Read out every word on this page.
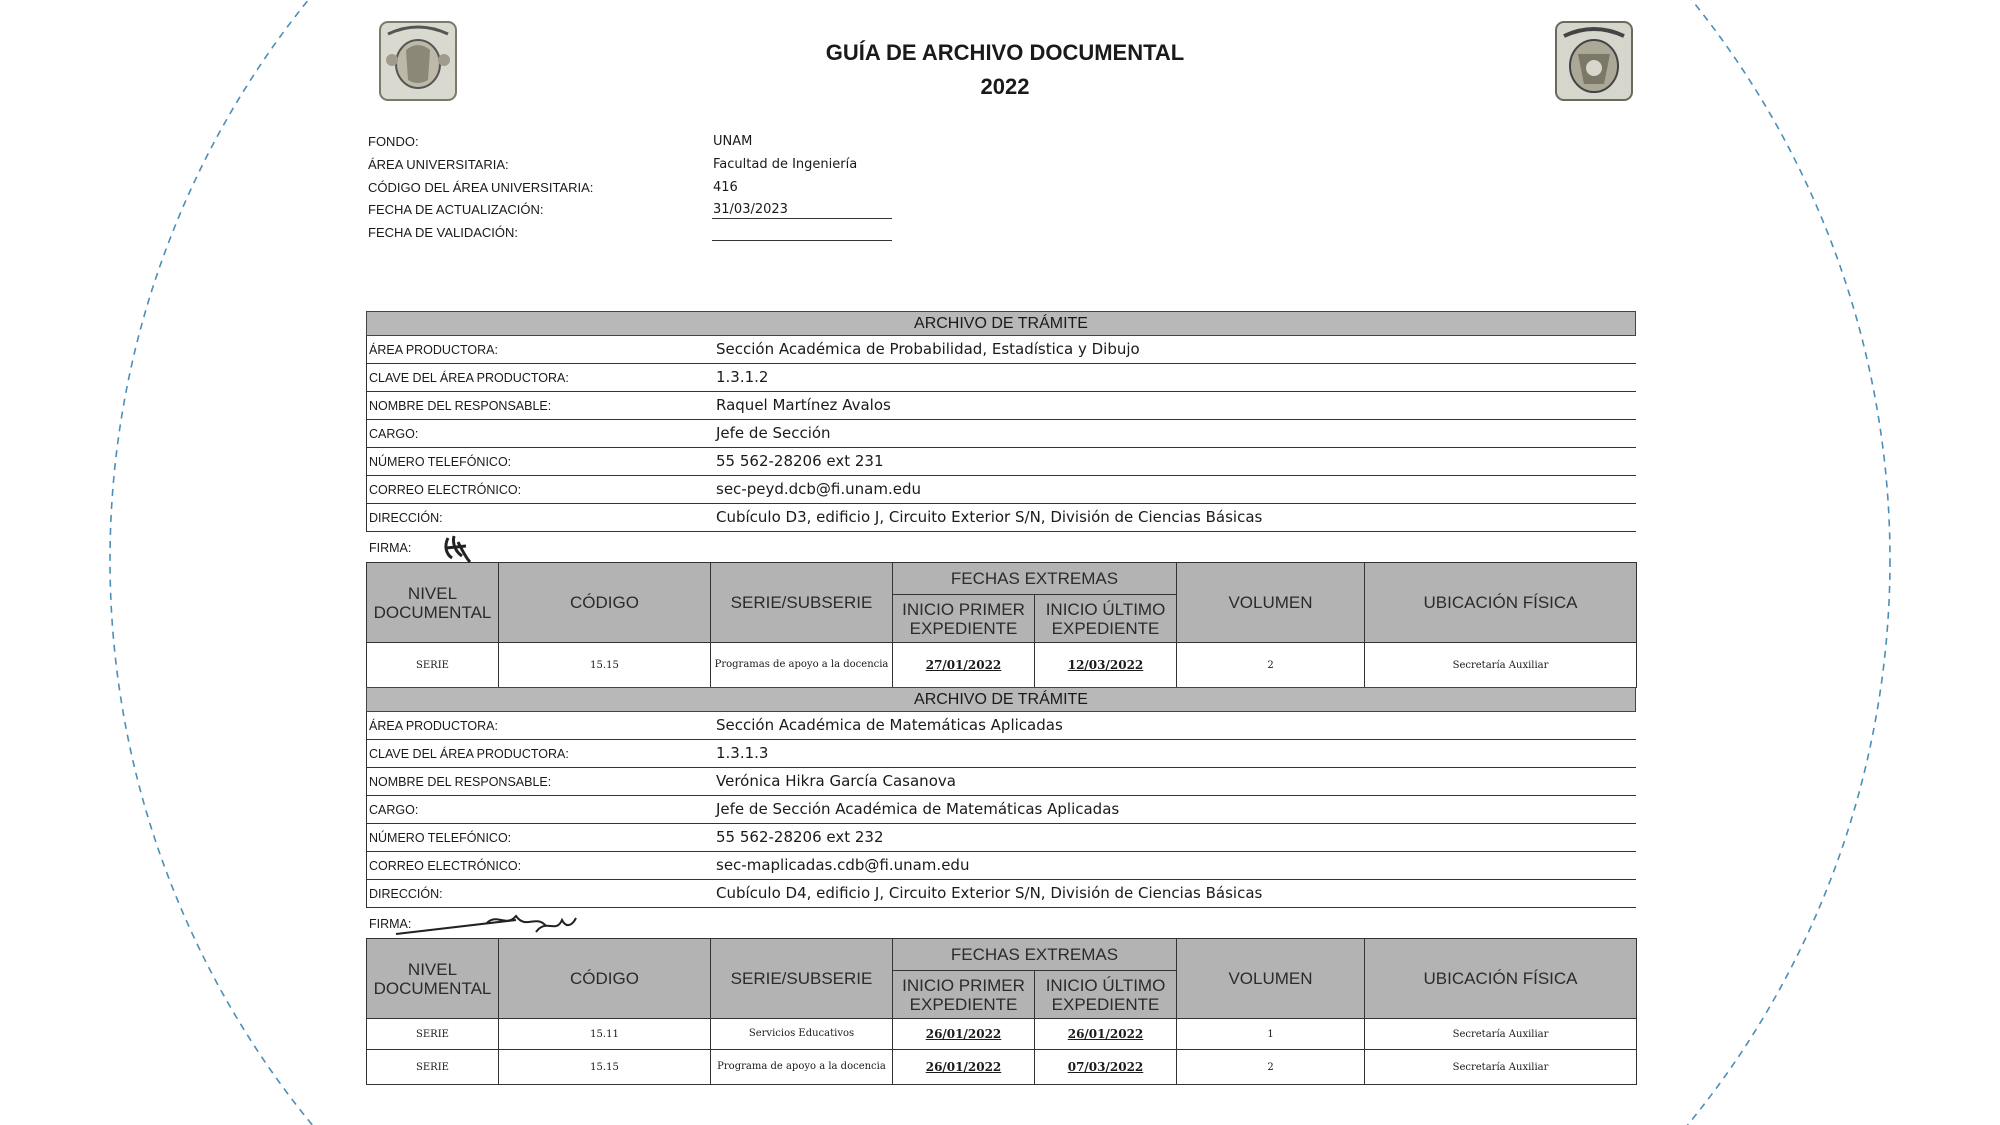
GUÍA DE ARCHIVO DOCUMENTAL
2022
FONDO:	UNAM
ÁREA UNIVERSITARIA:	Facultad de Ingeniería
CÓDIGO DEL ÁREA UNIVERSITARIA:	416
FECHA DE ACTUALIZACIÓN:	31/03/2023
FECHA DE VALIDACIÓN:
ARCHIVO DE TRÁMITE
ÁREA PRODUCTORA:	Sección Académica de Probabilidad, Estadística y Dibujo
CLAVE DEL ÁREA PRODUCTORA:	1.3.1.2
NOMBRE DEL RESPONSABLE:	Raquel Martínez Avalos
CARGO:	Jefe de Sección
NÚMERO TELEFÓNICO:	55 562-28206 ext 231
CORREO ELECTRÓNICO:	sec-peyd.dcb@fi.unam.edu
DIRECCIÓN:	Cubículo D3, edificio J, Circuito Exterior S/N, División de Ciencias Básicas
FIRMA:
NIVEL DOCUMENTAL	CÓDIGO	SERIE/SUBSERIE	FECHAS EXTREMAS		VOLUMEN	UBICACIÓN FÍSICA
			INICIO PRIMER EXPEDIENTE	INICIO ÚLTIMO EXPEDIENTE		
SERIE	15.15	Programas de apoyo a la docencia	27/01/2022	12/03/2022	2	Secretaría Auxiliar
ARCHIVO DE TRÁMITE
ÁREA PRODUCTORA:	Sección Académica de Matemáticas Aplicadas
CLAVE DEL ÁREA PRODUCTORA:	1.3.1.3
NOMBRE DEL RESPONSABLE:	Verónica Hikra García Casanova
CARGO:	Jefe de Sección Académica de Matemáticas Aplicadas
NÚMERO TELEFÓNICO:	55 562-28206 ext 232
CORREO ELECTRÓNICO:	sec-maplicadas.cdb@fi.unam.edu
DIRECCIÓN:	Cubículo D4, edificio J, Circuito Exterior S/N, División de Ciencias Básicas
FIRMA:
NIVEL DOCUMENTAL	CÓDIGO	SERIE/SUBSERIE	FECHAS EXTREMAS		VOLUMEN	UBICACIÓN FÍSICA
			INICIO PRIMER EXPEDIENTE	INICIO ÚLTIMO EXPEDIENTE		
SERIE	15.11	Servicios Educativos	26/01/2022	26/01/2022	1	Secretaría Auxiliar
SERIE	15.15	Programa de apoyo a la docencia	26/01/2022	07/03/2022	2	Secretaría Auxiliar
